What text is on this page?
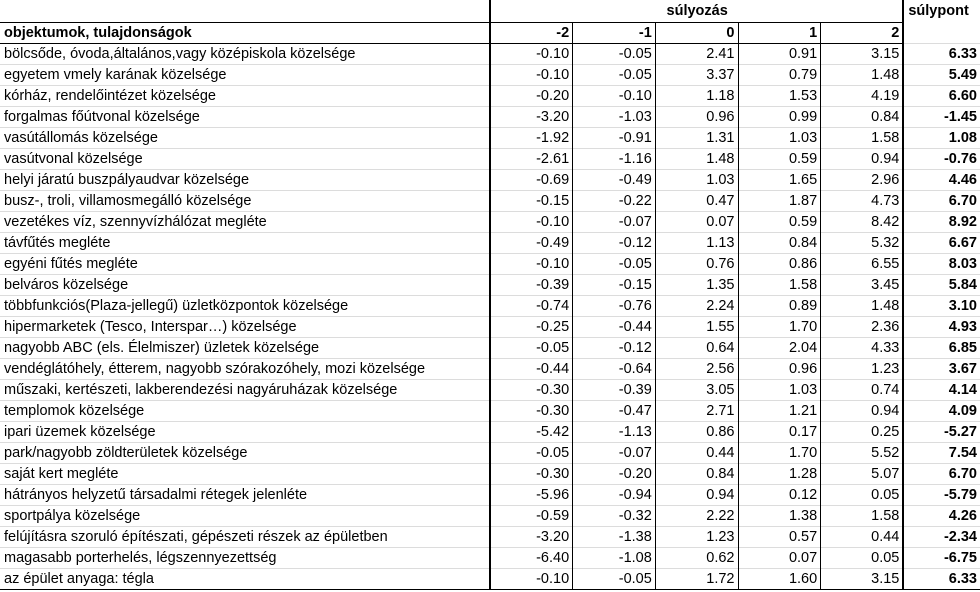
	súlyozás					súlypont
objektumok, tulajdonságok	-2	-1	0	1	2	
bölcsőde, óvoda,általános,vagy középiskola közelsége	-0.10	-0.05	2.41	0.91	3.15	6.33
egyetem vmely karának közelsége	-0.10	-0.05	3.37	0.79	1.48	5.49
kórház, rendelőintézet közelsége	-0.20	-0.10	1.18	1.53	4.19	6.60
forgalmas főútvonal közelsége	-3.20	-1.03	0.96	0.99	0.84	-1.45
vasútállomás közelsége	-1.92	-0.91	1.31	1.03	1.58	1.08
vasútvonal közelsége	-2.61	-1.16	1.48	0.59	0.94	-0.76
helyi járatú buszpályaudvar közelsége	-0.69	-0.49	1.03	1.65	2.96	4.46
busz-, troli, villamosmegálló közelsége	-0.15	-0.22	0.47	1.87	4.73	6.70
vezetékes víz, szennyvízhálózat megléte	-0.10	-0.07	0.07	0.59	8.42	8.92
távfűtés megléte	-0.49	-0.12	1.13	0.84	5.32	6.67
egyéni fűtés megléte	-0.10	-0.05	0.76	0.86	6.55	8.03
belváros közelsége	-0.39	-0.15	1.35	1.58	3.45	5.84
többfunkciós(Plaza-jellegű) üzletközpontok közelsége	-0.74	-0.76	2.24	0.89	1.48	3.10
hipermarketek (Tesco, Interspar…) közelsége	-0.25	-0.44	1.55	1.70	2.36	4.93
nagyobb ABC (els. Élelmiszer) üzletek közelsége	-0.05	-0.12	0.64	2.04	4.33	6.85
vendéglátóhely, étterem, nagyobb szórakozóhely, mozi közelsége	-0.44	-0.64	2.56	0.96	1.23	3.67
műszaki, kertészeti, lakberendezési nagyáruházak közelsége	-0.30	-0.39	3.05	1.03	0.74	4.14
templomok közelsége	-0.30	-0.47	2.71	1.21	0.94	4.09
ipari üzemek közelsége	-5.42	-1.13	0.86	0.17	0.25	-5.27
park/nagyobb zöldterületek közelsége	-0.05	-0.07	0.44	1.70	5.52	7.54
saját kert megléte	-0.30	-0.20	0.84	1.28	5.07	6.70
hátrányos helyzetű társadalmi rétegek jelenléte	-5.96	-0.94	0.94	0.12	0.05	-5.79
sportpálya közelsége	-0.59	-0.32	2.22	1.38	1.58	4.26
felújításra szoruló építészati, gépészeti részek az épületben	-3.20	-1.38	1.23	0.57	0.44	-2.34
magasabb porterhelés, légszennyezettség	-6.40	-1.08	0.62	0.07	0.05	-6.75
az épület anyaga: tégla	-0.10	-0.05	1.72	1.60	3.15	6.33
